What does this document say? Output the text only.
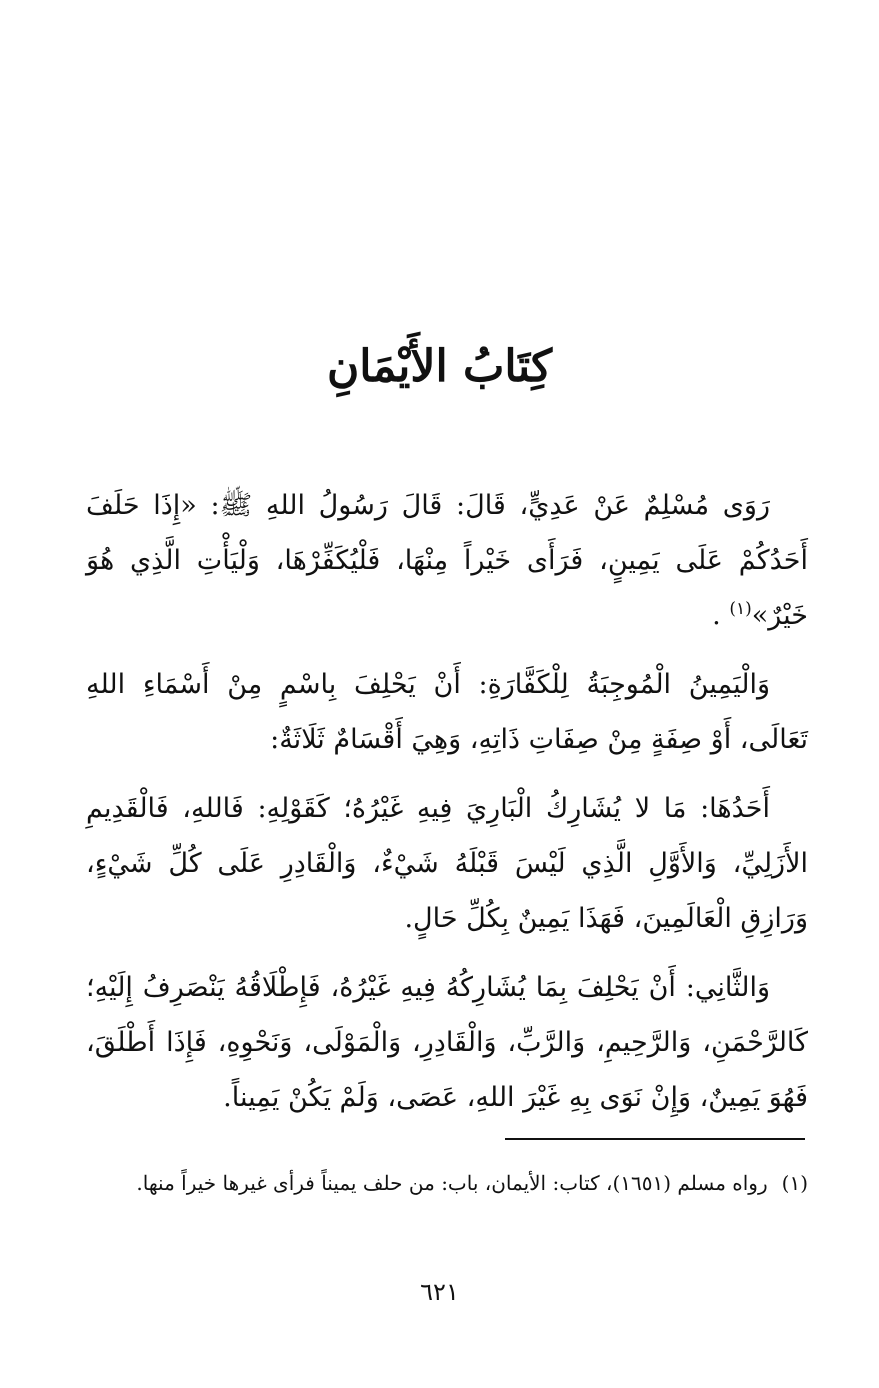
كِتَابُ الأَيْمَانِ

رَوَى مُسْلِمٌ عَنْ عَدِيٍّ، قَالَ: قَالَ رَسُولُ اللهِ ﷺ: «إِذَا حَلَفَ أَحَدُكُمْ عَلَى يَمِينٍ، فَرَأَى خَيْراً مِنْهَا، فَلْيُكَفِّرْهَا، وَلْيَأْتِ الَّذِي هُوَ خَيْرٌ»$^{(١)}$ .

وَالْيَمِينُ الْمُوجِبَةُ لِلْكَفَّارَةِ: أَنْ يَحْلِفَ بِاسْمٍ مِنْ أَسْمَاءِ اللهِ تَعَالَى، أَوْ صِفَةٍ مِنْ صِفَاتِ ذَاتِهِ، وَهِيَ أَقْسَامٌ ثَلَاثَةٌ:

أَحَدُهَا: مَا لا يُشَارِكُ الْبَارِيَ فِيهِ غَيْرُهُ؛ كَقَوْلِهِ: فَاللهِ، فَالْقَدِيمِ الأَزَلِيِّ، وَالأَوَّلِ الَّذِي لَيْسَ قَبْلَهُ شَيْءٌ، وَالْقَادِرِ عَلَى كُلِّ شَيْءٍ، وَرَازِقِ الْعَالَمِينَ، فَهَذَا يَمِينٌ بِكُلِّ حَالٍ.

وَالثَّانِي: أَنْ يَحْلِفَ بِمَا يُشَارِكُهُ فِيهِ غَيْرُهُ، فَإِطْلَاقُهُ يَنْصَرِفُ إِلَيْهِ؛ كَالرَّحْمَنِ، وَالرَّحِيمِ، وَالرَّبِّ، وَالْقَادِرِ، وَالْمَوْلَى، وَنَحْوِهِ، فَإِذَا أَطْلَقَ، فَهُوَ يَمِينٌ، وَإِنْ نَوَى بِهِ غَيْرَ اللهِ، عَصَى، وَلَمْ يَكُنْ يَمِيناً.

(١)رواه مسلم (١٦٥١)، كتاب: الأيمان، باب: من حلف يميناً فرأى غيرها خيراً منها.
٦٢١
